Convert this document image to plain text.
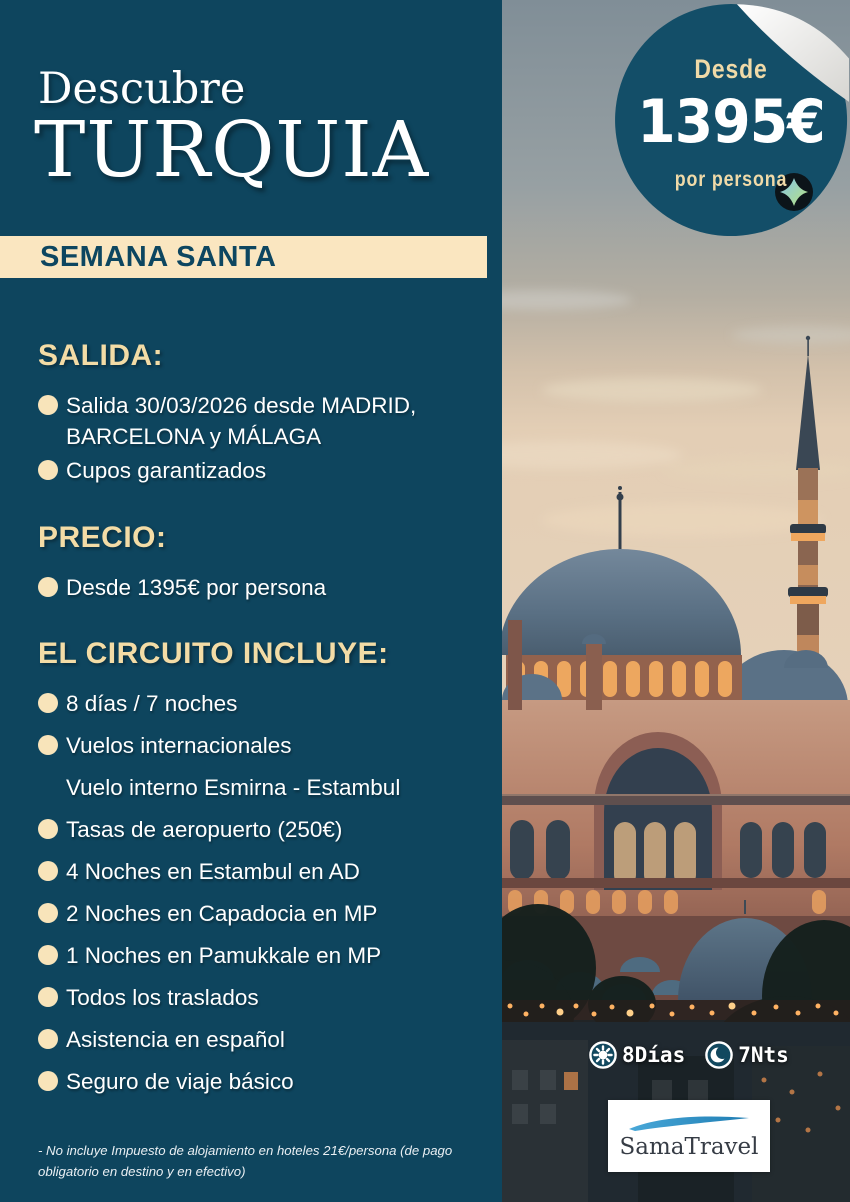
Descubre
TURQUIA
SEMANA SANTA
SALIDA:
Salida 30/03/2026 desde MADRID, BARCELONA y MÁLAGA
Cupos garantizados
PRECIO:
Desde 1395€ por persona
EL CIRCUITO INCLUYE:
8 días / 7 noches
Vuelos internacionales
Vuelo interno Esmirna - Estambul
Tasas de aeropuerto (250€)
4 Noches en Estambul en AD
2 Noches en Capadocia en MP
1 Noches en Pamukkale en MP
Todos los traslados
Asistencia en español
Seguro de viaje básico
- No incluye Impuesto de alojamiento en hoteles 21€/persona (de pago obligatorio en destino y en efectivo)
Desde
1395€
por persona
8Días	7Nts
SamaTravel
